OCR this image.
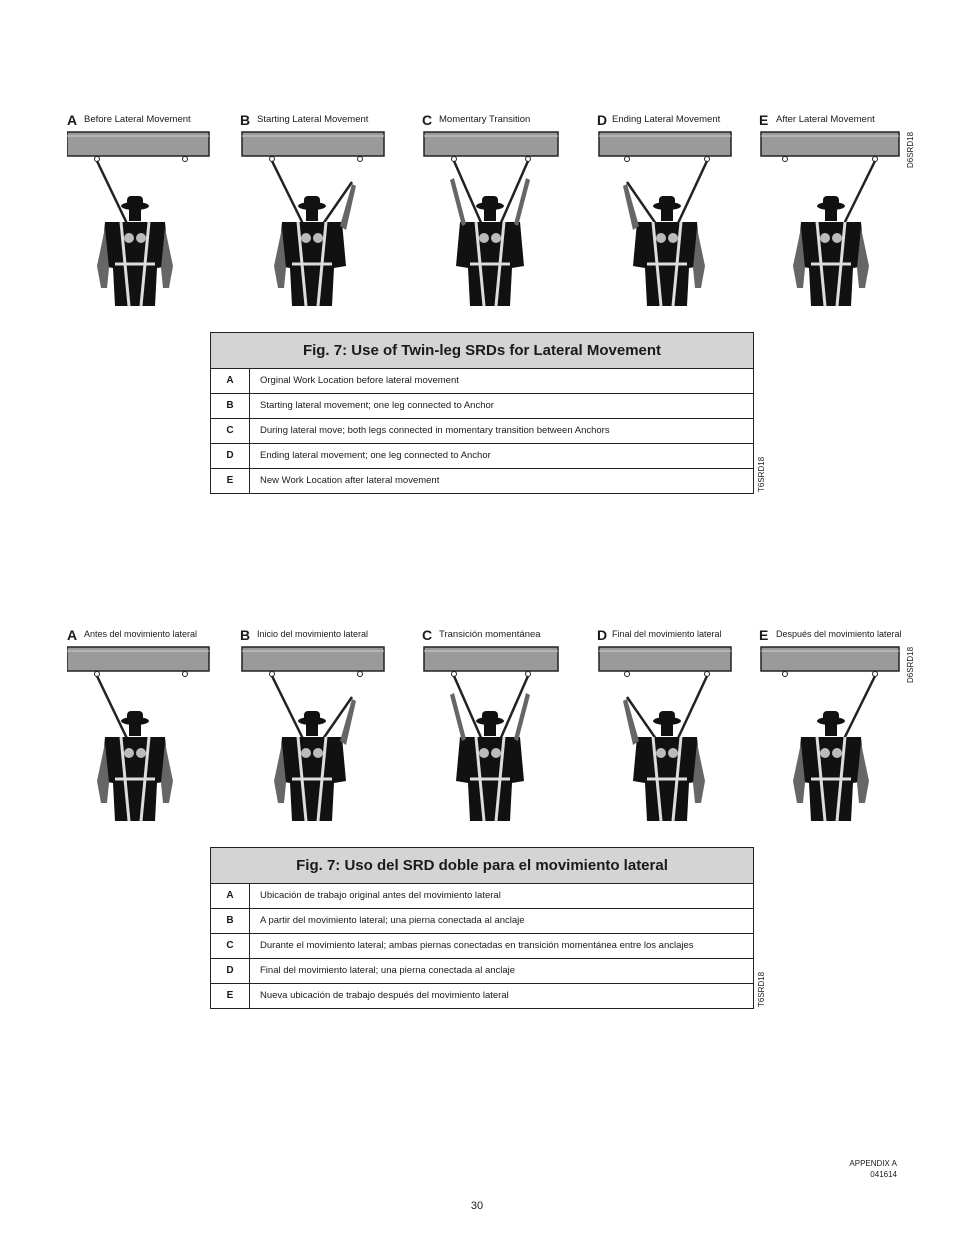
A Before Lateral Movement	B Starting Lateral Movement	C Momentary Transition	D Ending Lateral Movement	E After Lateral Movement
D6SRD18
Fig. 7: Use of Twin-leg SRDs for Lateral Movement
A	Orginal Work Location before lateral movement
B	Starting lateral movement; one leg connected to Anchor
C	During lateral move; both legs connected in momentary transition between Anchors
D	Ending lateral movement; one leg connected to Anchor
E	New Work Location after lateral movement	T6SRD18
A Antes del movimiento lateral	B Inicio del movimiento lateral	C Transición momentánea	D Final del movimiento lateral	E Después del movimiento lateral
D6SRD18
Fig. 7: Uso del SRD doble para el movimiento lateral
A	Ubicación de trabajo original antes del movimiento lateral
B	A partir del movimiento lateral; una pierna conectada al anclaje
C	Durante el movimiento lateral; ambas piernas conectadas en transición momentánea entre los anclajes
D	Final del movimiento lateral; una pierna conectada al anclaje
E	Nueva ubicación de trabajo después del movimiento lateral	T6SRD18
APPENDIX A
041614
30
